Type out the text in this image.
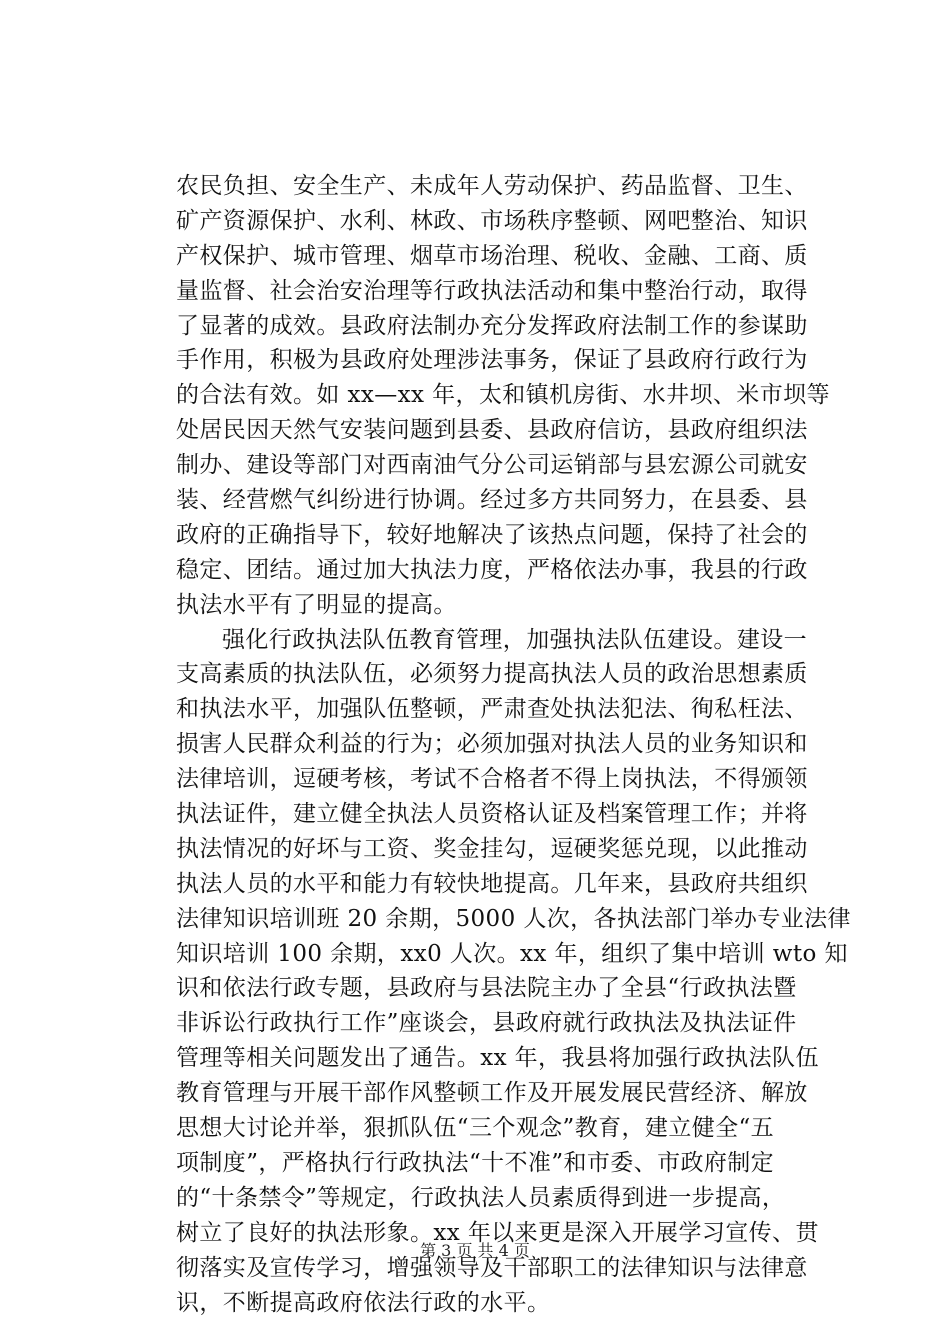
农民负担、安全生产、未成年人劳动保护、药品监督、卫生、
矿产资源保护、水利、林政、市场秩序整顿、网吧整治、知识
产权保护、城市管理、烟草市场治理、税收、金融、工商、质
量监督、社会治安治理等行政执法活动和集中整治行动，取得
了显著的成效。县政府法制办充分发挥政府法制工作的参谋助
手作用，积极为县政府处理涉法事务，保证了县政府行政行为
的合法有效。如 xx—xx 年，太和镇机房街、水井坝、米市坝等
处居民因天然气安装问题到县委、县政府信访，县政府组织法
制办、建设等部门对西南油气分公司运销部与县宏源公司就安
装、经营燃气纠纷进行协调。经过多方共同努力，在县委、县
政府的正确指导下，较好地解决了该热点问题，保持了社会的
稳定、团结。通过加大执法力度，严格依法办事，我县的行政
执法水平有了明显的提高。
强化行政执法队伍教育管理，加强执法队伍建设。建设一
支高素质的执法队伍，必须努力提高执法人员的政治思想素质
和执法水平，加强队伍整顿，严肃查处执法犯法、徇私枉法、
损害人民群众利益的行为；必须加强对执法人员的业务知识和
法律培训，逗硬考核，考试不合格者不得上岗执法，不得颁领
执法证件，建立健全执法人员资格认证及档案管理工作；并将
执法情况的好坏与工资、奖金挂勾，逗硬奖惩兑现，以此推动
执法人员的水平和能力有较快地提高。几年来，县政府共组织
法律知识培训班 20 余期，5000 人次，各执法部门举办专业法律
知识培训 100 余期，xx0 人次。xx 年，组织了集中培训 wto 知
识和依法行政专题，县政府与县法院主办了全县“行政执法暨
非诉讼行政执行工作”座谈会，县政府就行政执法及执法证件
管理等相关问题发出了通告。xx 年，我县将加强行政执法队伍
教育管理与开展干部作风整顿工作及开展发展民营经济、解放
思想大讨论并举，狠抓队伍“三个观念”教育，建立健全“五
项制度”，严格执行行政执法“十不准”和市委、市政府制定
的“十条禁令”等规定，行政执法人员素质得到进一步提高，
树立了良好的执法形象。xx 年以来更是深入开展学习宣传、贯
彻落实及宣传学习，增强领导及干部职工的法律知识与法律意
识，不断提高政府依法行政的水平。
第 3 页 共 4 页
